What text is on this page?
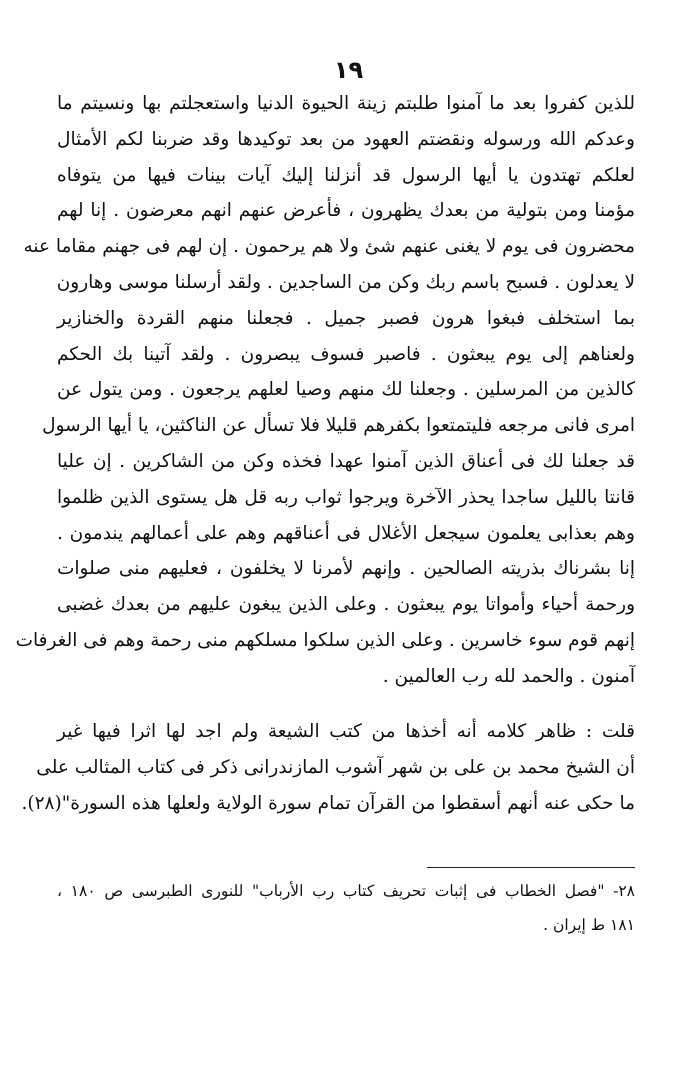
١٩
للذين كفروا بعد ما آمنوا طلبتم زينة الحيوة الدنيا واستعجلتم بها ونسيتم ما
وعدكم الله ورسوله ونقضتم العهود من بعد توكيدها وقد ضربنا لكم الأمثال
لعلكم تهتدون يا أيها الرسول قد أنزلنا إليك آيات بينات فيها من يتوفاه
مؤمنا ومن بتولية من بعدك يظهرون ، فأعرض عنهم انهم معرضون . إنا لهم
محضرون فى يوم لا يغنى عنهم شئ ولا هم يرحمون . إن لهم فى جهنم مقاما عنه
لا يعدلون . فسبح باسم ربك وكن من الساجدين . ولقد أرسلنا موسى وهارون
بما استخلف فبغوا هرون فصبر جميل . فجعلنا منهم القردة والخنازير
ولعناهم إلى يوم يبعثون . فاصبر فسوف يبصرون . ولقد آتينا بك الحكم
كالذين من المرسلين . وجعلنا لك منهم وصيا لعلهم يرجعون . ومن يتول عن
امرى فانى مرجعه فليتمتعوا بكفرهم قليلا فلا تسأل عن الناكثين، يا أيها الرسول
قد جعلنا لك فى أعناق الذين آمنوا عهدا فخذه وكن من الشاكرين . إن عليا
قانتا بالليل ساجدا يحذر الآخرة ويرجوا ثواب ربه قل هل يستوى الذين ظلموا
وهم بعذابى يعلمون سيجعل الأغلال فى أعناقهم وهم على أعمالهم يندمون .
إنا بشرناك بذريته الصالحين . وإنهم لأمرنا لا يخلفون ، فعليهم منى صلوات
ورحمة أحياء وأمواتا يوم يبعثون . وعلى الذين يبغون عليهم من بعدك غضبى
إنهم قوم سوء خاسرين . وعلى الذين سلكوا مسلكهم منى رحمة وهم فى الغرفات
آمنون . والحمد لله رب العالمين .
قلت : ظاهر كلامه أنه أخذها من كتب الشيعة ولم اجد لها اثرا فيها غير
أن الشيخ محمد بن على بن شهر آشوب المازندرانى ذكر فى كتاب المثالب على
ما حكى عنه أنهم أسقطوا من القرآن تمام سورة الولاية ولعلها هذه السورة"(٢٨).
٢٨- "فصل الخطاب فى إثبات تحريف كتاب رب الأرباب" للنورى الطبرسى ص ١٨٠ ،
١٨١ ط إيران .
